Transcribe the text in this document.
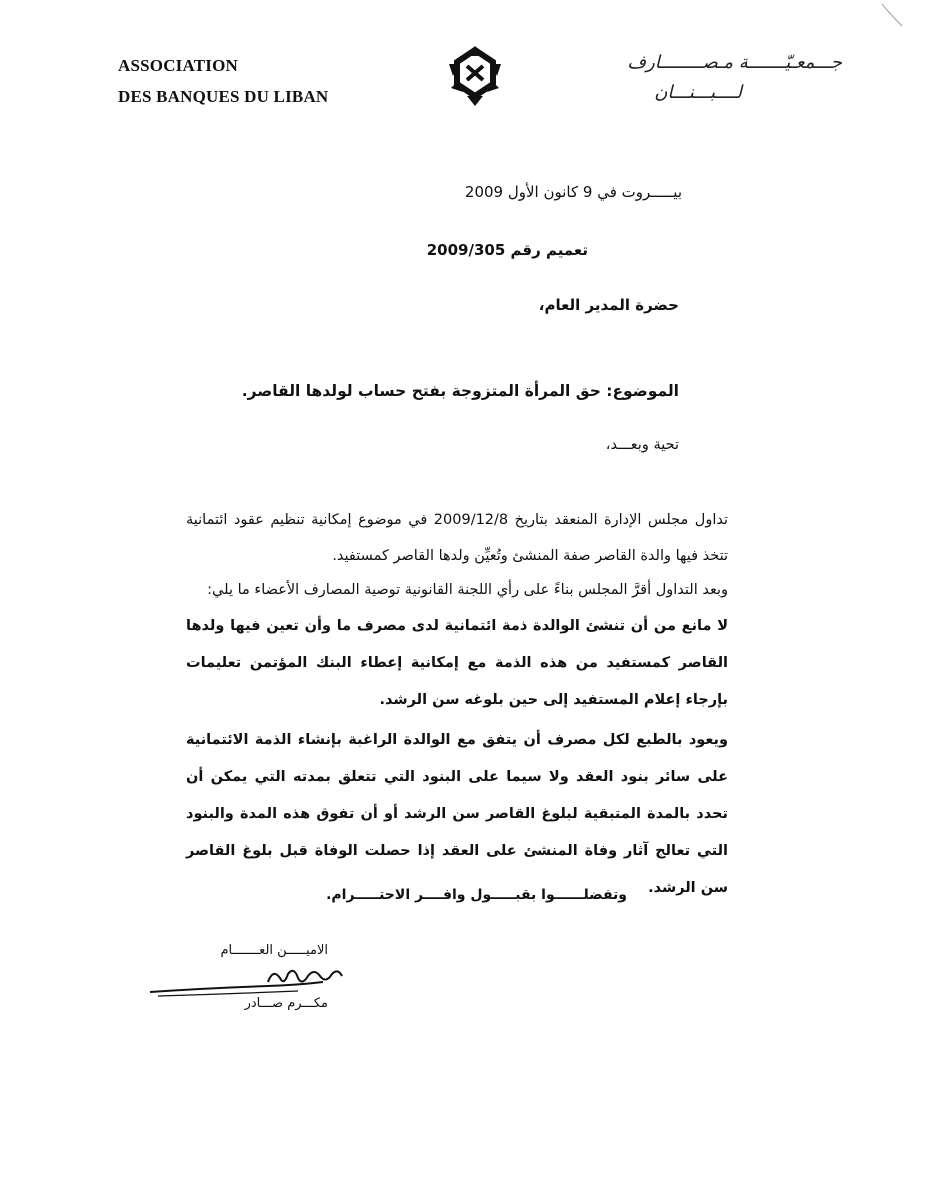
ASSOCIATION
DES BANQUES DU LIBAN
جـــمعـيّـــــــة مـصــــــــارف
لــــبـــنـــان
بيـــــروت في 9 كانون الأول 2009
تعميم رقم 2009/305
حضرة المدير العام،
الموضوع: حق المرأة المتزوجة بفتح حساب لولدها القاصر.
تحية وبعـــد،

تداول مجلس الإدارة المنعقد بتاريخ 2009/12/8 في موضوع إمكانية تنظيم عقود ائتمانية تتخذ فيها والدة القاصر صفة المنشئ وتُعيِّن ولدها القاصر كمستفيد.

وبعد التداول أقرَّ المجلس بناءً على رأي اللجنة القانونية توصية المصارف الأعضاء ما يلي:

لا مانع من أن تنشئ الوالدة ذمة ائتمانية لدى مصرف ما وأن تعين فيها ولدها القاصر كمستفيد من هذه الذمة مع إمكانية إعطاء البنك المؤتمن تعليمات بإرجاء إعلام المستفيد إلى حين بلوغه سن الرشد.

ويعود بالطبع لكل مصرف أن يتفق مع الوالدة الراغبة بإنشاء الذمة الائتمانية على سائر بنود العقد ولا سيما على البنود التي تتعلق بمدته التي يمكن أن تحدد بالمدة المتبقية لبلوغ القاصر سن الرشد أو أن تفوق هذه المدة والبنود التي تعالج آثار وفاة المنشئ على العقد إذا حصلت الوفاة قبل بلوغ القاصر سن الرشد.

وتفضلــــــوا بقبـــــول وافــــر الاحتـــــرام.
الاميـــــن العـــــــام
مكـــرم صـــادر
